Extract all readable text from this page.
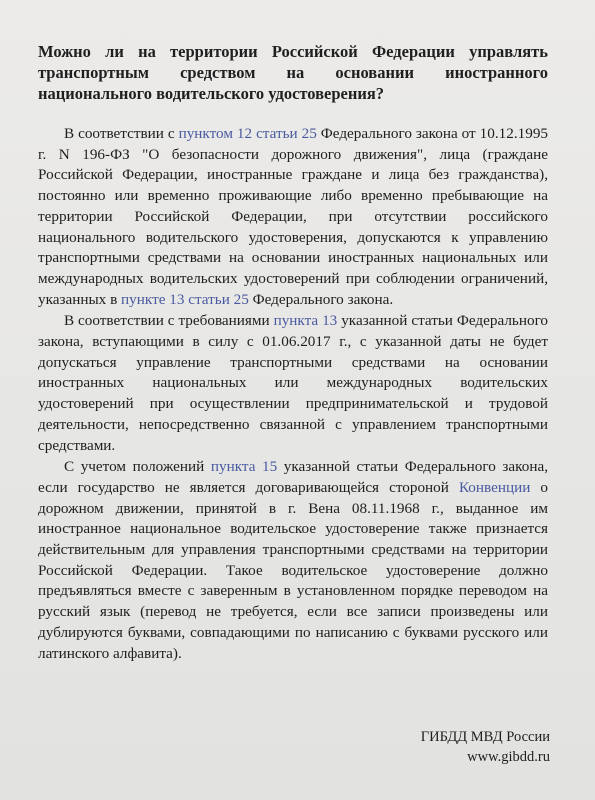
Можно ли на территории Российской Федерации управлять
транспортным средством на основании иностранного
национального водительского удостоверения?

В соответствии с пунктом 12 статьи 25 Федерального закона от 10.12.1995 г. N 196-ФЗ "О безопасности дорожного движения", лица (граждане Российской Федерации, иностранные граждане и лица без гражданства), постоянно или временно проживающие либо временно пребывающие на территории Российской Федерации, при отсутствии российского национального водительского удостоверения, допускаются к управлению транспортными средствами на основании иностранных национальных или международных водительских удостоверений при соблюдении ограничений, указанных в пункте 13 статьи 25 Федерального закона.

В соответствии с требованиями пункта 13 указанной статьи Федерального закона, вступающими в силу с 01.06.2017 г., с указанной даты не будет допускаться управление транспортными средствами на основании иностранных национальных или международных водительских удостоверений при осуществлении предпринимательской и трудовой деятельности, непосредственно связанной с управлением транспортными средствами.

С учетом положений пункта 15 указанной статьи Федерального закона, если государство не является договаривающейся стороной Конвенции о дорожном движении, принятой в г. Вена 08.11.1968 г., выданное им иностранное национальное водительское удостоверение также признается действительным для управления транспортными средствами на территории Российской Федерации. Такое водительское удостоверение должно предъявляться вместе с заверенным в установленном порядке переводом на русский язык (перевод не требуется, если все записи произведены или дублируются буквами, совпадающими по написанию с буквами русского или латинского алфавита).

ГИБДД МВД России
www.gibdd.ru
